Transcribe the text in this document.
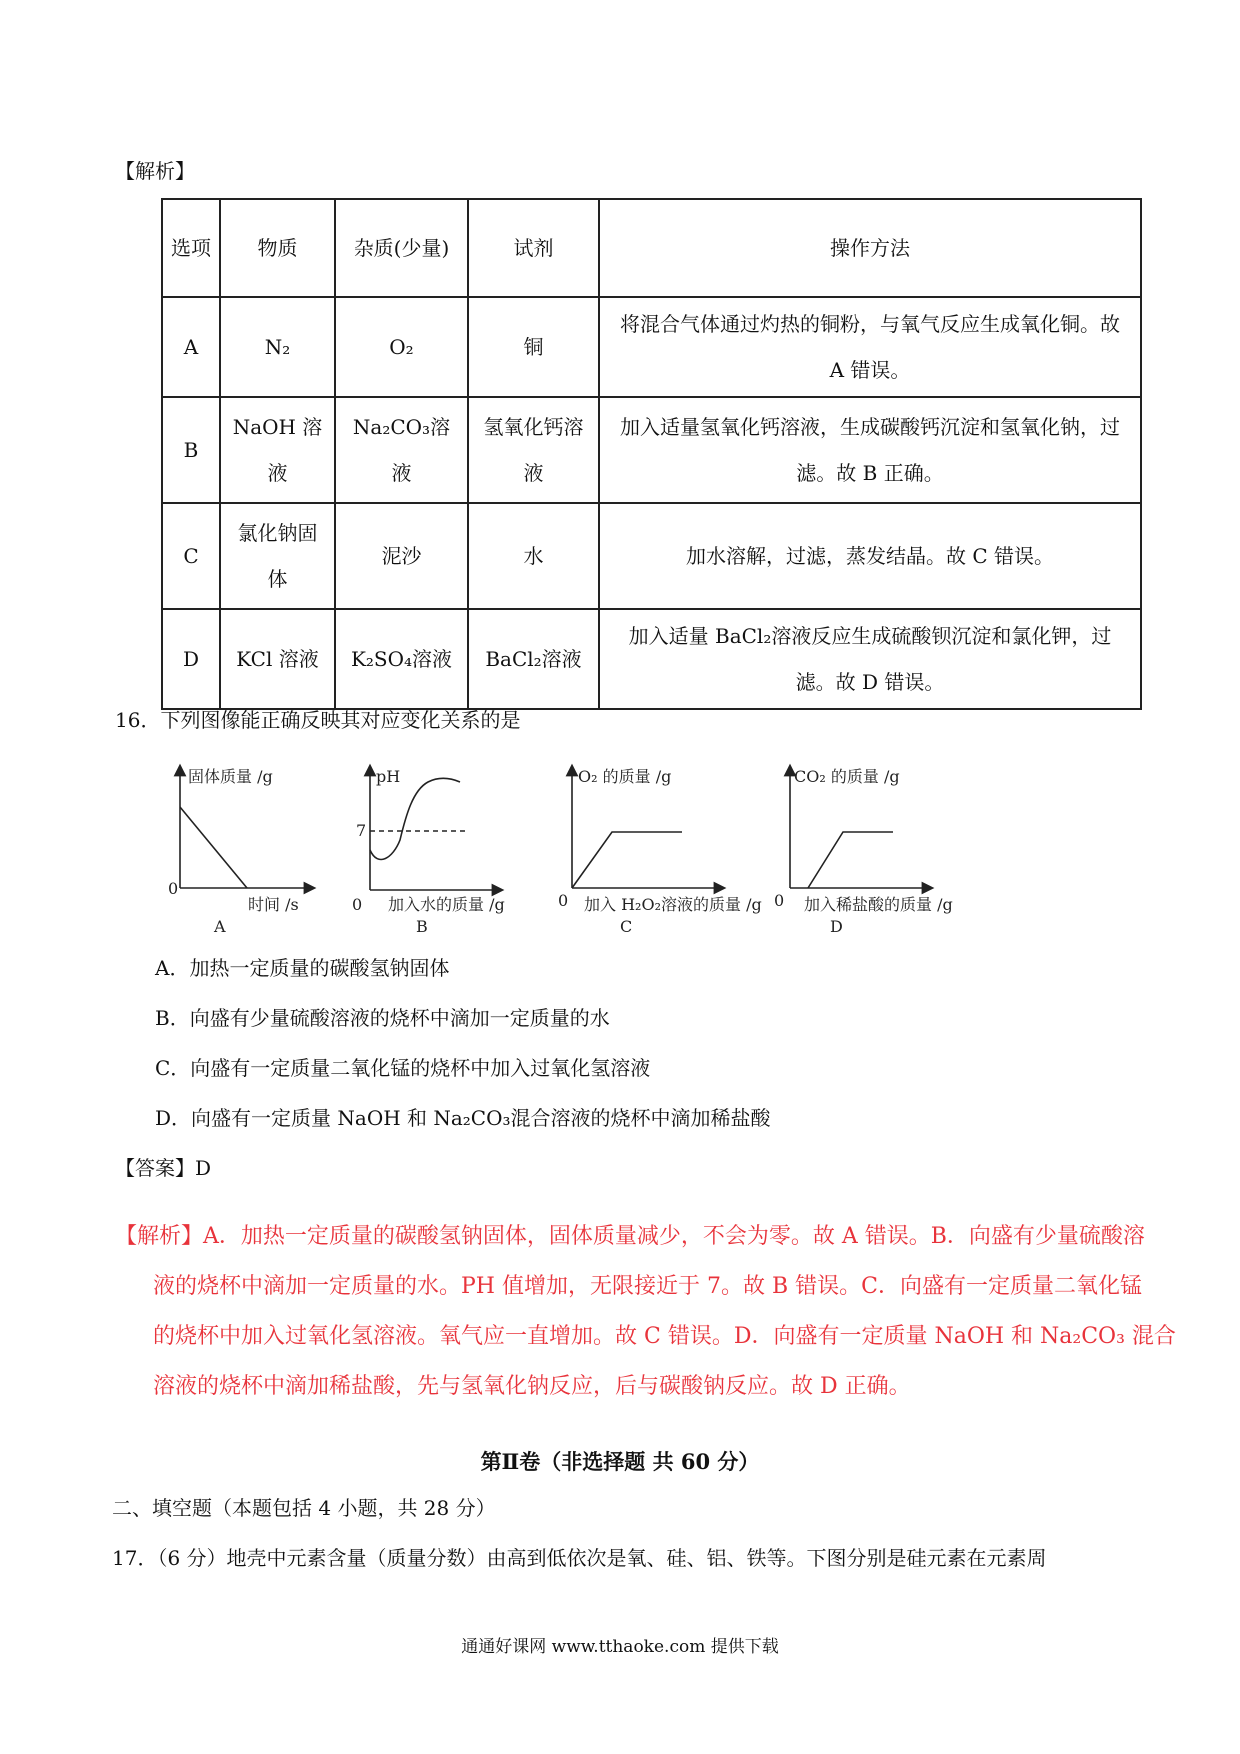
【解析】
选项	物质	杂质(少量)	试剂	操作方法
A	N₂	O₂	铜	将混合气体通过灼热的铜粉，与氧气反应生成氧化铜。故 A 错误。
B	NaOH 溶液	Na₂CO₃溶液	氢氧化钙溶液	加入适量氢氧化钙溶液，生成碳酸钙沉淀和氢氧化钠，过滤。故 B 正确。
C	氯化钠固体	泥沙	水	加水溶解，过滤，蒸发结晶。故 C 错误。
D	KCl 溶液	K₂SO₄溶液	BaCl₂溶液	加入适量 BaCl₂溶液反应生成硫酸钡沉淀和氯化钾，过滤。故 D 错误。
16．下列图像能正确反映其对应变化关系的是
固体质量 /g
时间 /s
0
A
pH
7
加入水的质量 /g
0
B
O₂ 的质量 /g
加入 H₂O₂溶液的质量 /g
0
C
CO₂ 的质量 /g
加入稀盐酸的质量 /g
0
D
A．加热一定质量的碳酸氢钠固体
B．向盛有少量硫酸溶液的烧杯中滴加一定质量的水
C．向盛有一定质量二氧化锰的烧杯中加入过氧化氢溶液
D．向盛有一定质量 NaOH 和 Na₂CO₃混合溶液的烧杯中滴加稀盐酸
【答案】D
【解析】A．加热一定质量的碳酸氢钠固体，固体质量减少，不会为零。故 A 错误。B．向盛有少量硫酸溶
液的烧杯中滴加一定质量的水。PH 值增加，无限接近于 7。故 B 错误。C．向盛有一定质量二氧化锰
的烧杯中加入过氧化氢溶液。氧气应一直增加。故 C 错误。D．向盛有一定质量 NaOH 和 Na₂CO₃ 混合
溶液的烧杯中滴加稀盐酸，先与氢氧化钠反应，后与碳酸钠反应。故 D 正确。
第Ⅱ卷（非选择题 共 60 分）
二、填空题（本题包括 4 小题，共 28 分）
17．（6 分）地壳中元素含量（质量分数）由高到低依次是氧、硅、铝、铁等。下图分别是硅元素在元素周
通通好课网 www.tthaoke.com 提供下载
